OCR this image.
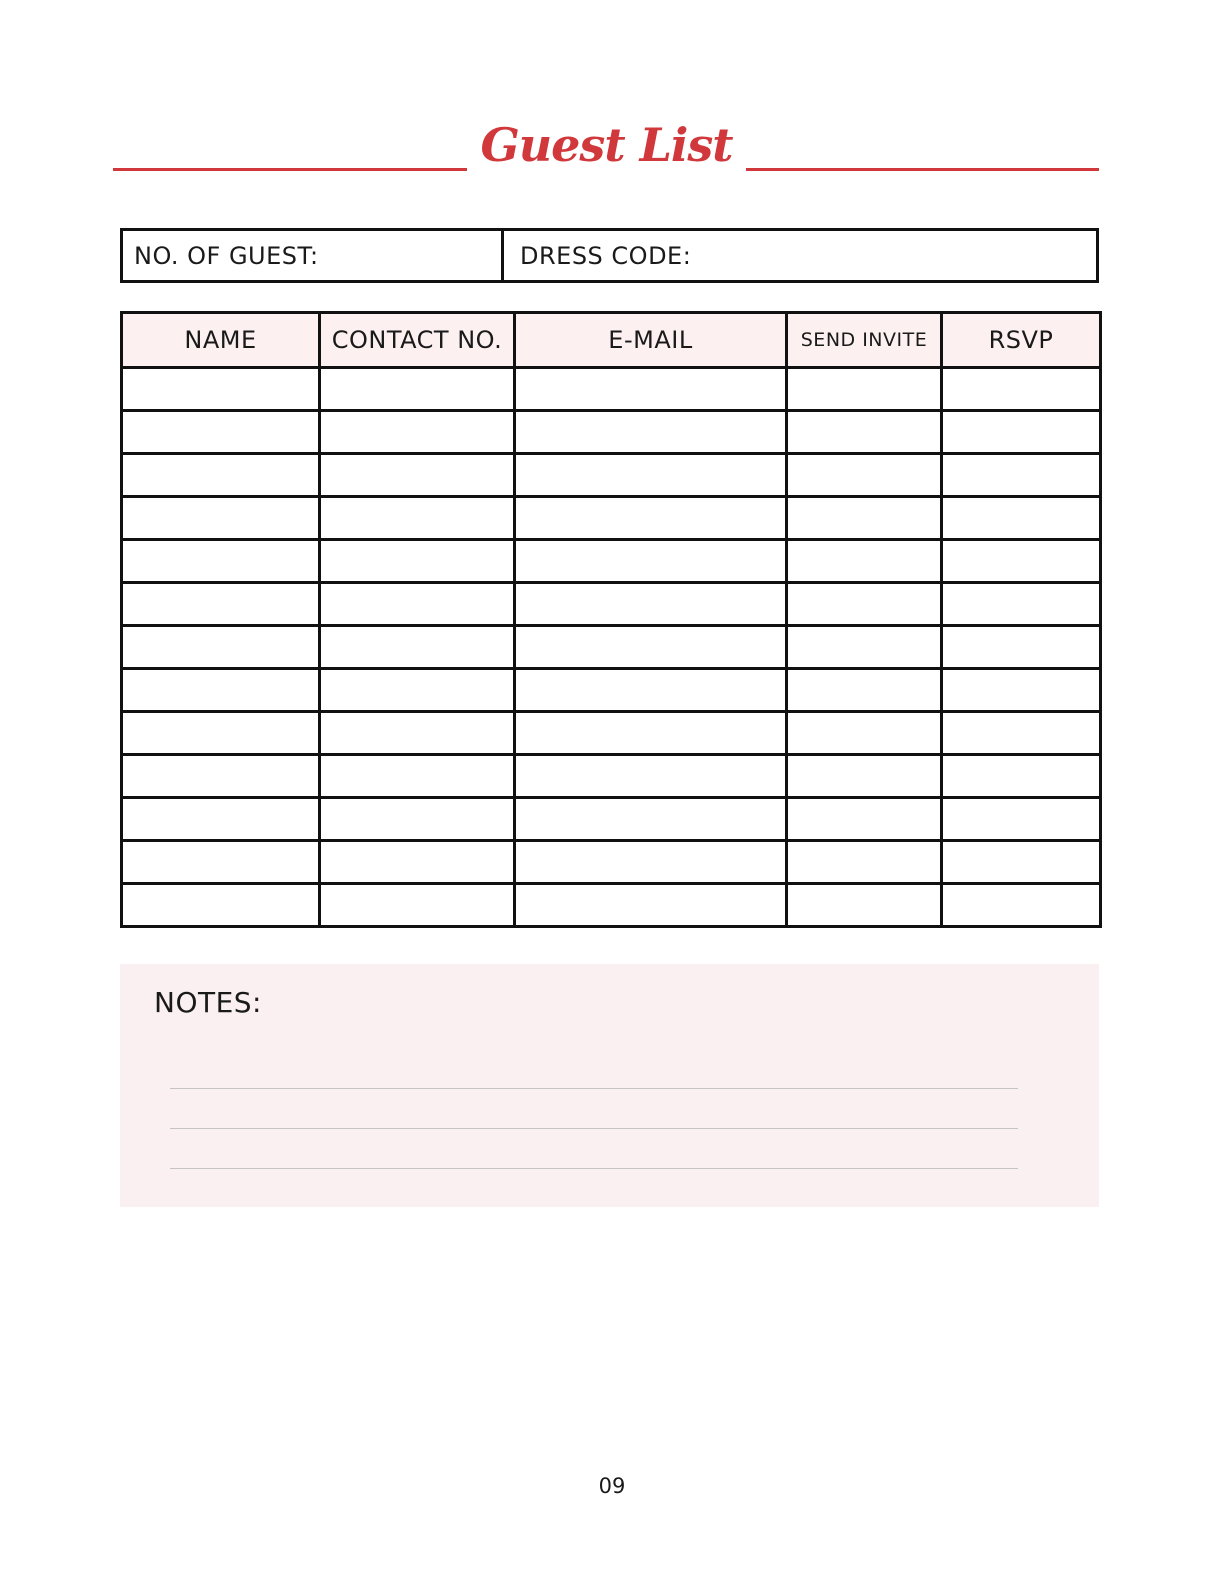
Guest List
NO. OF GUEST:	DRESS CODE:
NAME	CONTACT NO.	E-MAIL	SEND INVITE	RSVP

NOTES:
09
